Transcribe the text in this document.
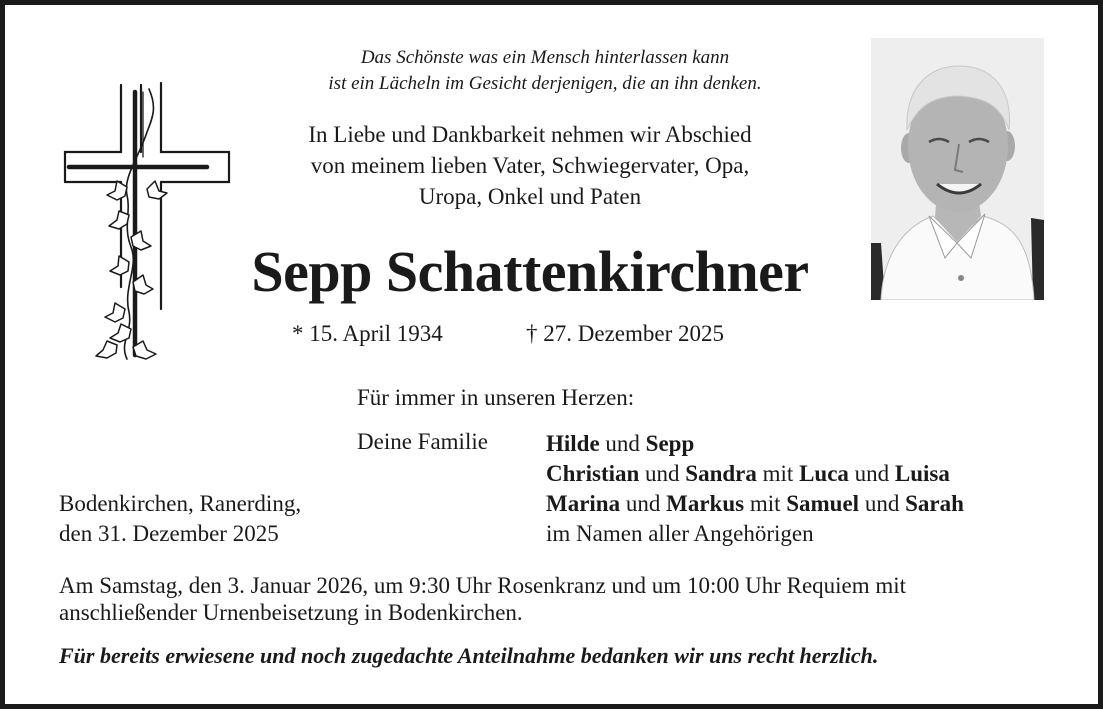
Das Schönste was ein Mensch hinterlassen kann
ist ein Lächeln im Gesicht derjenigen, die an ihn denken.
In Liebe und Dankbarkeit nehmen wir Abschied
von meinem lieben Vater, Schwiegervater, Opa,
Uropa, Onkel und Paten
Sepp Schattenkirchner
* 15. April 1934	† 27. Dezember 2025
Für immer in unseren Herzen:
Deine Familie	Hilde und Sepp
Christian und Sandra mit Luca und Luisa
Marina und Markus mit Samuel und Sarah
im Namen aller Angehörigen
Bodenkirchen, Ranerding,
den 31. Dezember 2025
Am Samstag, den 3. Januar 2026, um 9:30 Uhr Rosenkranz und um 10:00 Uhr Requiem mit
anschließender Urnenbeisetzung in Bodenkirchen.
Für bereits erwiesene und noch zugedachte Anteilnahme bedanken wir uns recht herzlich.
